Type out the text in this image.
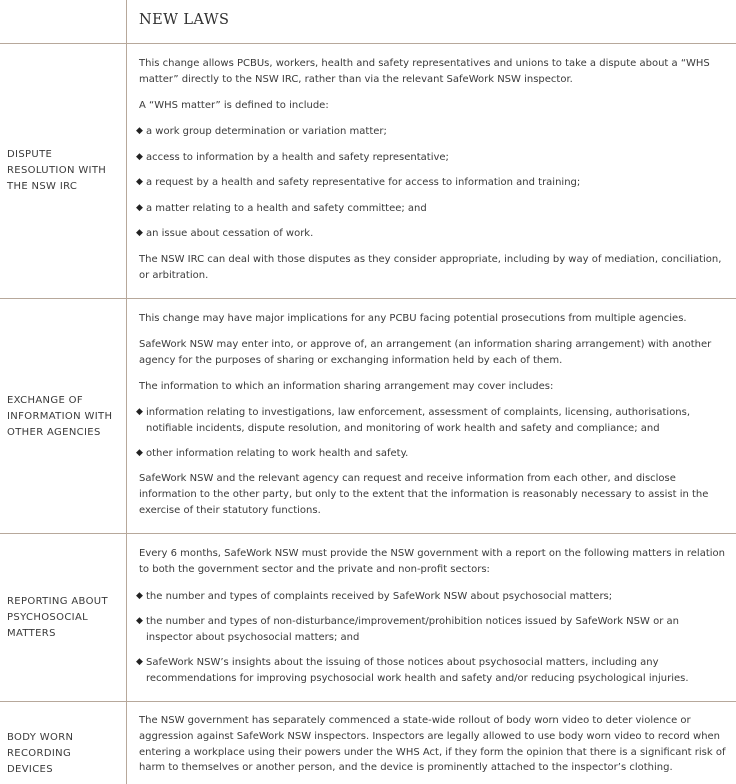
NEW LAWS
DISPUTE RESOLUTION WITH THE NSW IRC

This change allows PCBUs, workers, health and safety representatives and unions to take a dispute about a “WHS matter” directly to the NSW IRC, rather than via the relevant SafeWork NSW inspector.

A “WHS matter” is defined to include:

◆ a work group determination or variation matter;
◆ access to information by a health and safety representative;
◆ a request by a health and safety representative for access to information and training;
◆ a matter relating to a health and safety committee; and
◆ an issue about cessation of work.

The NSW IRC can deal with those disputes as they consider appropriate, including by way of mediation, conciliation, or arbitration.

EXCHANGE OF INFORMATION WITH OTHER AGENCIES

This change may have major implications for any PCBU facing potential prosecutions from multiple agencies.

SafeWork NSW may enter into, or approve of, an arrangement (an information sharing arrangement) with another agency for the purposes of sharing or exchanging information held by each of them.

The information to which an information sharing arrangement may cover includes:

◆ information relating to investigations, law enforcement, assessment of complaints, licensing, authorisations, notifiable incidents, dispute resolution, and monitoring of work health and safety and compliance; and
◆ other information relating to work health and safety.

SafeWork NSW and the relevant agency can request and receive information from each other, and disclose information to the other party, but only to the extent that the information is reasonably necessary to assist in the exercise of their statutory functions.

REPORTING ABOUT PSYCHOSOCIAL MATTERS

Every 6 months, SafeWork NSW must provide the NSW government with a report on the following matters in relation to both the government sector and the private and non-profit sectors:

◆ the number and types of complaints received by SafeWork NSW about psychosocial matters;
◆ the number and types of non-disturbance/improvement/prohibition notices issued by SafeWork NSW or an inspector about psychosocial matters; and
◆ SafeWork NSW’s insights about the issuing of those notices about psychosocial matters, including any recommendations for improving psychosocial work health and safety and/or reducing psychological injuries.
BODY WORN RECORDING DEVICES

The NSW government has separately commenced a state-wide rollout of body worn video to deter violence or aggression against SafeWork NSW inspectors. Inspectors are legally allowed to use body worn video to record when entering a workplace using their powers under the WHS Act, if they form the opinion that there is a significant risk of harm to themselves or another person, and the device is prominently attached to the inspector’s clothing.
